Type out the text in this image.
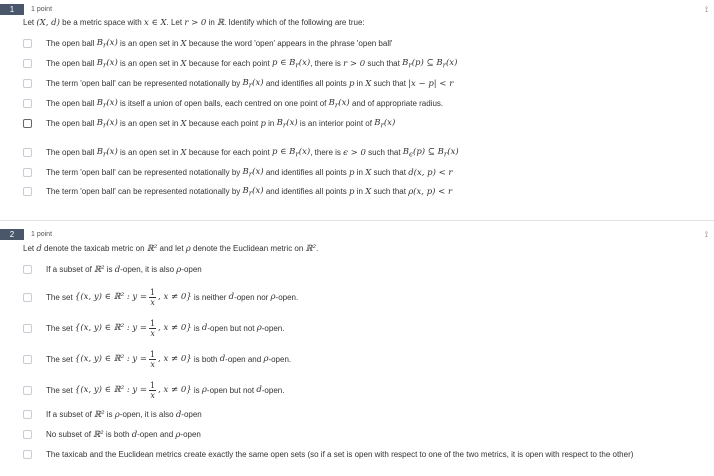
1	1 point	⟟
Let (X, d) be a metric space with x ∈ X. Let r > 0 in ℝ. Identify which of the following are true:
The open ball
$B_r(x)$
is an open set in
X
because the word 'open' appears in the phrase 'open ball'
The open ball
$B_r(x)$
is an open set in
X
because for each point
p ∈ $B_r(x)$ , there is
r > 0
such that
$B_r(p)$ ⊆ $B_r(x)$
The term 'open ball' can be represented notationally by
$B_r(x)$
and identifies all points
p
in
X
such that
|x − p| < r
The open ball
$B_r(x)$
is itself a union of open balls, each centred on one point of
$B_r(x)$
and of appropriate radius.
The open ball
$B_r(x)$
is an open set in
X
because each point
p
in
$B_r(x)$
is an interior point of
$B_r(x)$
The open ball
$B_r(x)$
is an open set in
X
because for each point
p ∈ $B_r(x)$ , there is
ϵ > 0
such that
$B_\epsilon(p)$ ⊆ $B_r(x)$
The term 'open ball' can be represented notationally by
$B_r(x)$
and identifies all points
p
in
X
such that
d(x, p) < r
The term 'open ball' can be represented notationally by
$B_r(x)$
and identifies all points
p
in
X
such that
ρ(x, p) < r
2	1 point	⟟
Let d denote the taxicab metric on ℝ² and let ρ denote the Euclidean metric on ℝ².
If a subset of
ℝ²
is
d -open, it is also
ρ -open
The set
{(x, y) ∈ ℝ² : $y = \frac{1}{x}$ , x ≠ 0}
is neither
d -open nor
ρ -open.
The set
{(x, y) ∈ ℝ² : $y = \frac{1}{x}$ , x ≠ 0}
is
d -open but not
ρ -open.
The set
{(x, y) ∈ ℝ² : $y = \frac{1}{x}$ , x ≠ 0}
is both
d -open and
ρ -open.
The set
{(x, y) ∈ ℝ² : $y = \frac{1}{x}$ , x ≠ 0}
is
ρ -open but not
d -open.
If a subset of
ℝ²
is
ρ -open, it is also
d -open
No subset of
ℝ²
is both
d -open and
ρ -open
The taxicab and the Euclidean metrics create exactly the same open sets (so if a set is open with respect to one of the two metrics, it is open with respect to the other)
